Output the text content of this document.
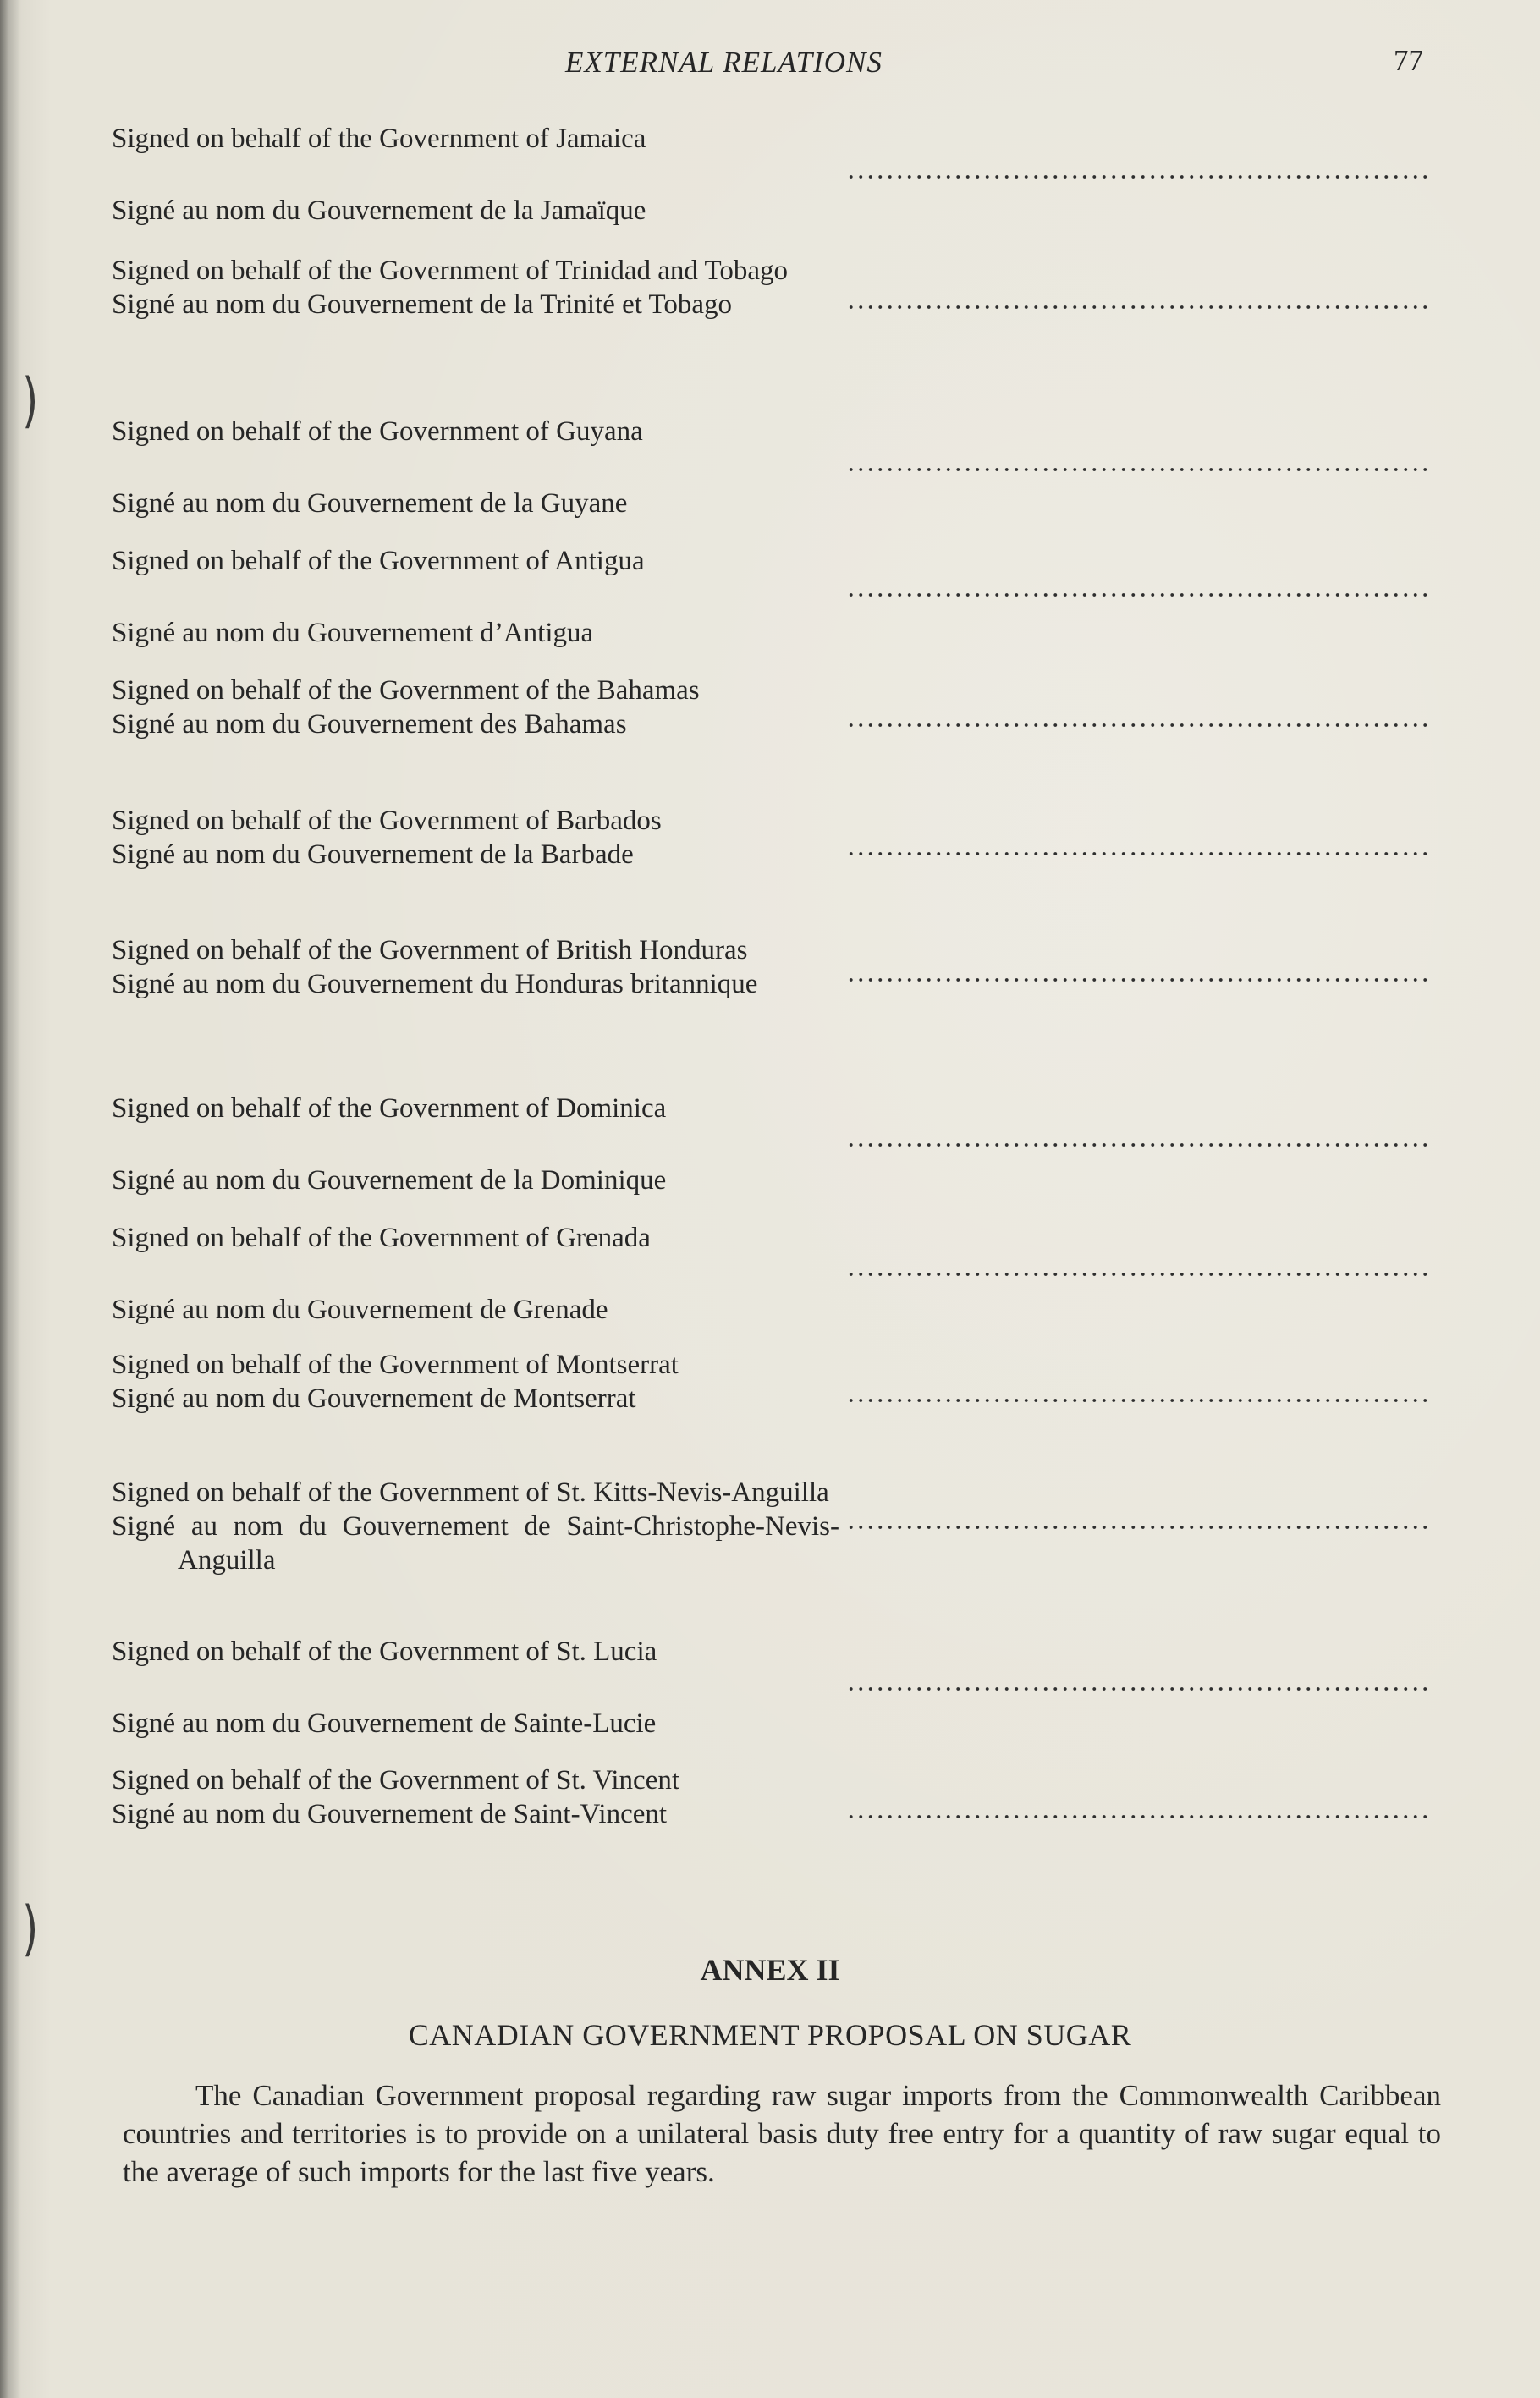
)
)
EXTERNAL RELATIONS	77

Signed on behalf of the Government of Jamaica

Signé au nom du Gouvernement de la Jamaïque

Signed on behalf of the Government of Trinidad and Tobago

Signé au nom du Gouvernement de la Trinité et Tobago

Signed on behalf of the Government of Guyana

Signé au nom du Gouvernement de la Guyane

Signed on behalf of the Government of Antigua

Signé au nom du Gouvernement d’Antigua

Signed on behalf of the Government of the Bahamas

Signé au nom du Gouvernement des Bahamas

Signed on behalf of the Government of Barbados

Signé au nom du Gouvernement de la Barbade

Signed on behalf of the Government of British Honduras

Signé au nom du Gouvernement du Honduras britannique

Signed on behalf of the Government of Dominica

Signé au nom du Gouvernement de la Dominique

Signed on behalf of the Government of Grenada

Signé au nom du Gouvernement de Grenade

Signed on behalf of the Government of Montserrat

Signé au nom du Gouvernement de Montserrat

Signed on behalf of the Government of St. Kitts-Nevis-Anguilla

Signé au nom du Gouvernement de Saint-Christophe-Nevis-Anguilla

Signed on behalf of the Government of St. Lucia

Signé au nom du Gouvernement de Sainte-Lucie

Signed on behalf of the Government of St. Vincent

Signé au nom du Gouvernement de Saint-Vincent

ANNEX II
CANADIAN GOVERNMENT PROPOSAL ON SUGAR

The Canadian Government proposal regarding raw sugar imports from the Commonwealth Caribbean countries and territories is to provide on a unilateral basis duty free entry for a quantity of raw sugar equal to the average of such imports for the last five years.
